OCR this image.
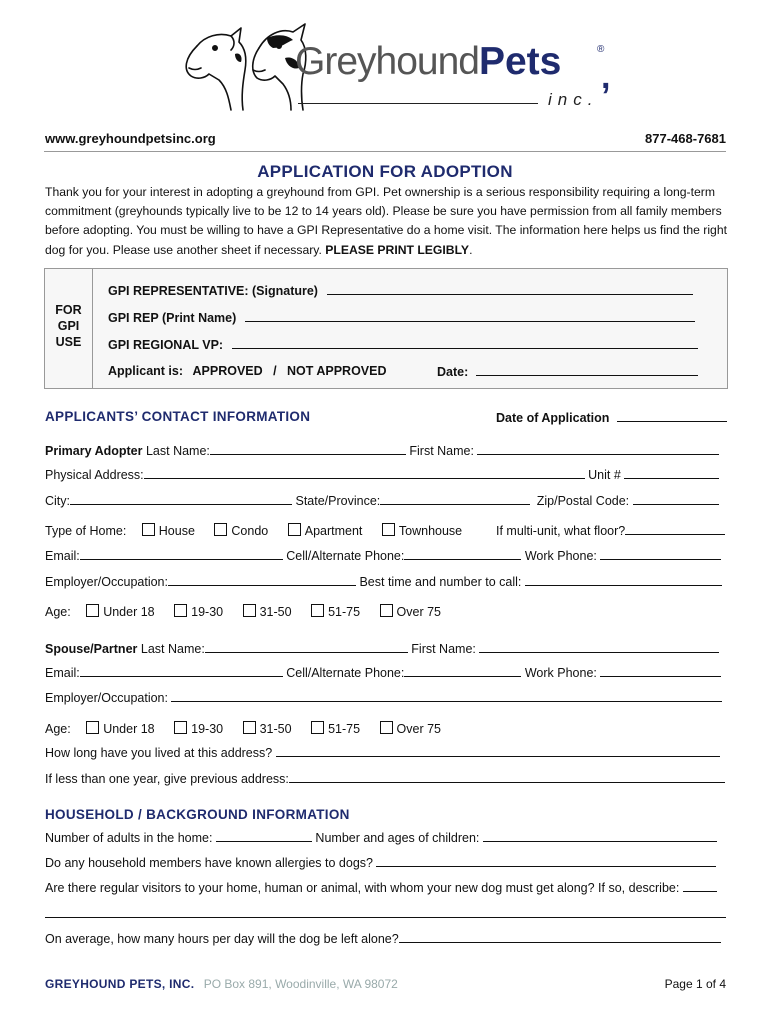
GreyhoundPets	®
,
inc.
www.greyhoundpetsinc.org	877-468-7681
APPLICATION FOR ADOPTION
Thank you for your interest in adopting a greyhound from GPI. Pet ownership is a serious responsibility requiring a long-term commitment (greyhounds typically live to be 12 to 14 years old). Please be sure you have permission from all family members before adopting. You must be willing to have a GPI Representative do a home visit. The information here helps us find the right dog for you. Please use another sheet if necessary. PLEASE PRINT LEGIBLY.
FOR
GPI
USE
GPI REPRESENTATIVE: (Signature)
GPI REP (Print Name)
GPI REGIONAL VP:
Applicant is: APPROVED   /   NOT APPROVED	Date:
APPLICANTS’ CONTACT INFORMATION	Date of Application
Primary Adopter Last Name:	First Name:
Physical Address:	Unit #
City:	State/Province:	Zip/Postal Code:
Type of Home:	House	Condo	Apartment	Townhouse	If multi-unit, what floor?
Email:	Cell/Alternate Phone:	Work Phone:
Employer/Occupation:	Best time and number to call:
Age:	Under 18	19-30	31-50	51-75	Over 75
Spouse/Partner Last Name:	First Name:
Email:	Cell/Alternate Phone:	Work Phone:
Employer/Occupation:
Age:	Under 18	19-30	31-50	51-75	Over 75
How long have you lived at this address?
If less than one year, give previous address:
HOUSEHOLD / BACKGROUND INFORMATION
Number of adults in the home:	Number and ages of children:
Do any household members have known allergies to dogs?
Are there regular visitors to your home, human or animal, with whom your new dog must get along? If so, describe:
On average, how many hours per day will the dog be left alone?
GREYHOUND PETS, INC. PO Box 891, Woodinville, WA 98072	Page 1 of 4
